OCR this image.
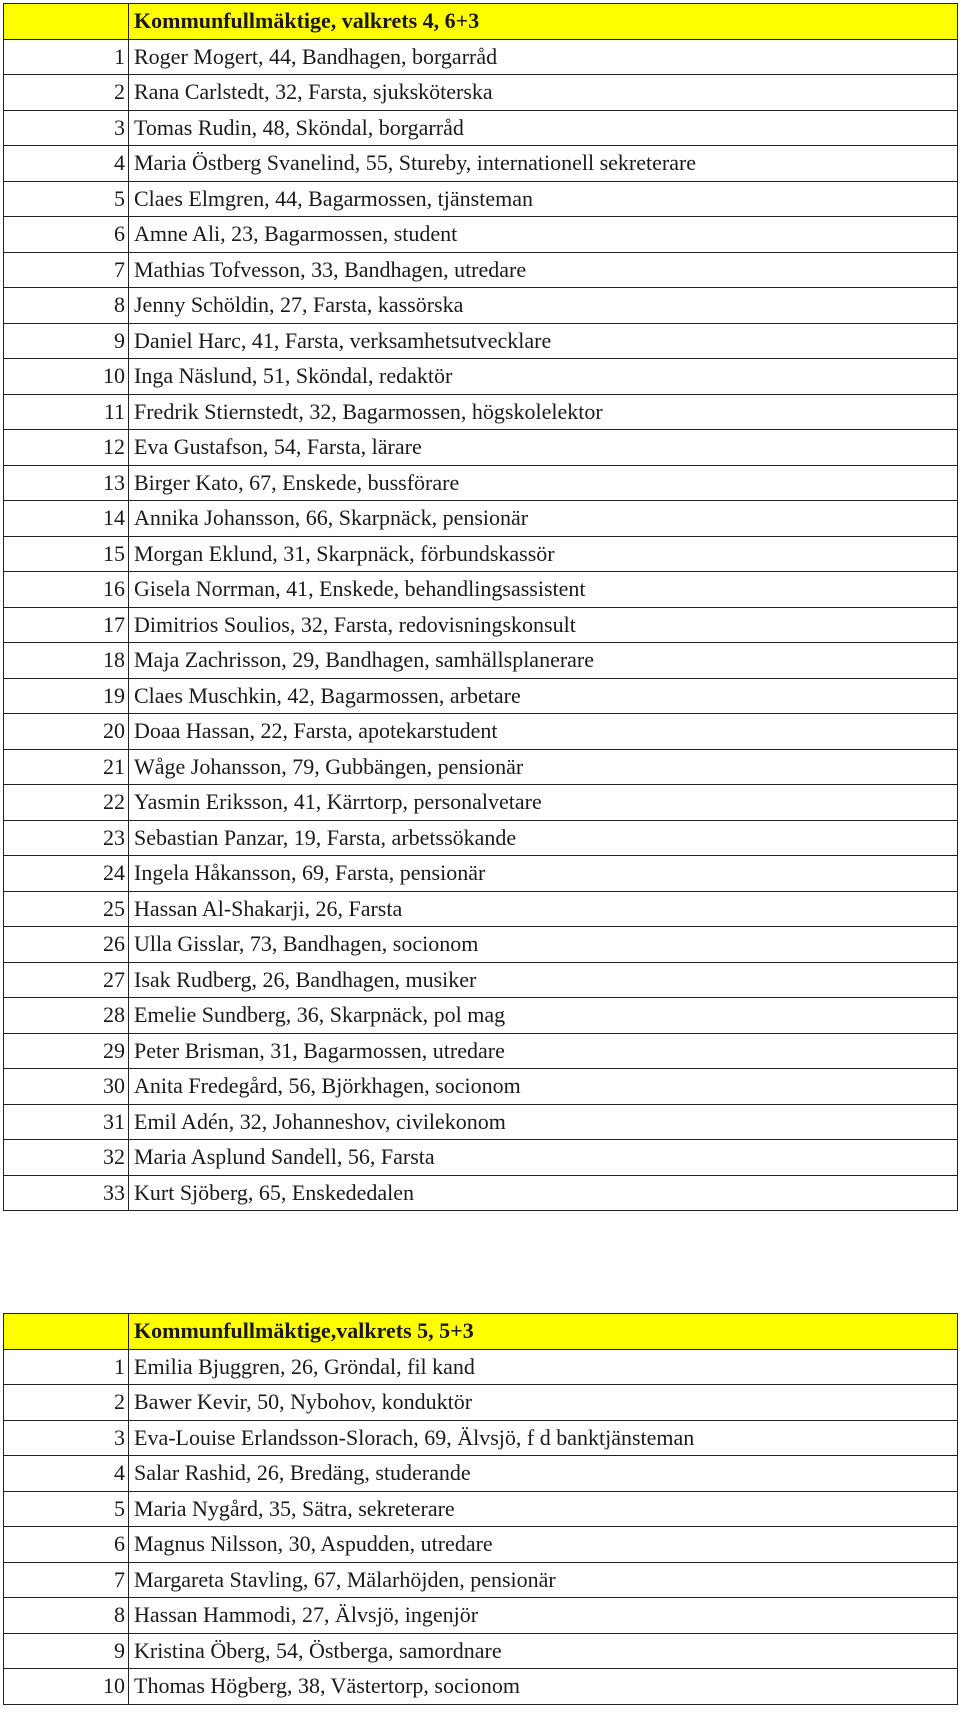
	Kommunfullmäktige, valkrets 4, 6+3
1	Roger Mogert, 44, Bandhagen, borgarråd
2	Rana Carlstedt, 32, Farsta, sjuksköterska
3	Tomas Rudin, 48, Sköndal, borgarråd
4	Maria Östberg Svanelind, 55, Stureby, internationell sekreterare
5	Claes Elmgren, 44, Bagarmossen, tjänsteman
6	Amne Ali, 23, Bagarmossen, student
7	Mathias Tofvesson, 33, Bandhagen, utredare
8	Jenny Schöldin, 27, Farsta, kassörska
9	Daniel Harc, 41, Farsta, verksamhetsutvecklare
10	Inga Näslund, 51, Sköndal, redaktör
11	Fredrik Stiernstedt, 32, Bagarmossen, högskolelektor
12	Eva Gustafson, 54, Farsta, lärare
13	Birger Kato, 67, Enskede, bussförare
14	Annika Johansson, 66, Skarpnäck, pensionär
15	Morgan Eklund, 31, Skarpnäck, förbundskassör
16	Gisela Norrman, 41, Enskede, behandlingsassistent
17	Dimitrios Soulios, 32, Farsta, redovisningskonsult
18	Maja Zachrisson, 29, Bandhagen, samhällsplanerare
19	Claes Muschkin, 42, Bagarmossen, arbetare
20	Doaa Hassan, 22, Farsta, apotekarstudent
21	Wåge Johansson, 79, Gubbängen, pensionär
22	Yasmin Eriksson, 41, Kärrtorp, personalvetare
23	Sebastian Panzar, 19, Farsta, arbetssökande
24	Ingela Håkansson, 69, Farsta, pensionär
25	Hassan Al-Shakarji, 26, Farsta
26	Ulla Gisslar, 73, Bandhagen, socionom
27	Isak Rudberg, 26, Bandhagen, musiker
28	Emelie Sundberg, 36, Skarpnäck, pol mag
29	Peter Brisman, 31, Bagarmossen, utredare
30	Anita Fredegård, 56, Björkhagen, socionom
31	Emil Adén, 32, Johanneshov, civilekonom
32	Maria Asplund Sandell, 56, Farsta
33	Kurt Sjöberg, 65, Enskededalen
	Kommunfullmäktige,valkrets 5, 5+3
1	Emilia Bjuggren, 26, Gröndal, fil kand
2	Bawer Kevir, 50, Nybohov, konduktör
3	Eva-Louise Erlandsson-Slorach, 69, Älvsjö, f d banktjänsteman
4	Salar Rashid, 26, Bredäng, studerande
5	Maria Nygård, 35, Sätra, sekreterare
6	Magnus Nilsson, 30, Aspudden, utredare
7	Margareta Stavling, 67, Mälarhöjden, pensionär
8	Hassan Hammodi, 27, Älvsjö, ingenjör
9	Kristina Öberg, 54, Östberga, samordnare
10	Thomas Högberg, 38, Västertorp, socionom
